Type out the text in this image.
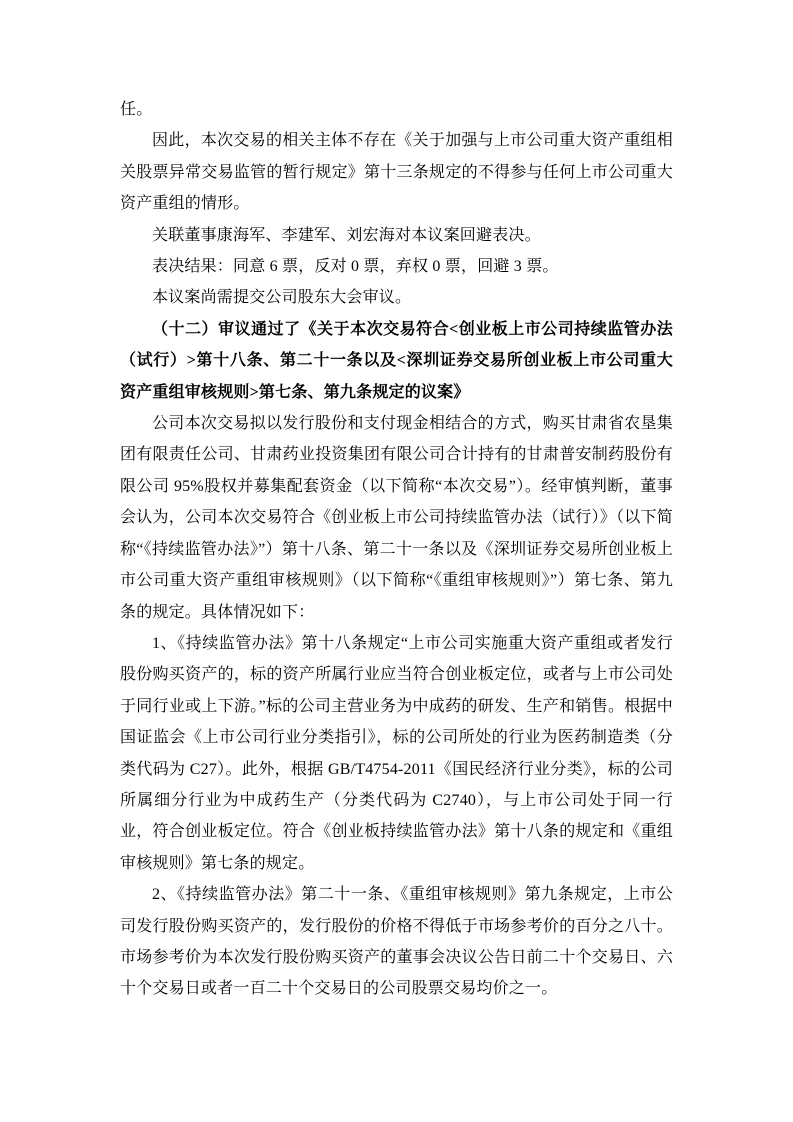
任。

因此，本次交易的相关主体不存在《关于加强与上市公司重大资产重组相关股票异常交易监管的暂行规定》第十三条规定的不得参与任何上市公司重大资产重组的情形。

关联董事康海军、李建军、刘宏海对本议案回避表决。

表决结果：同意 6 票，反对 0 票，弃权 0 票，回避 3 票。

本议案尚需提交公司股东大会审议。

（十二）审议通过了《关于本次交易符合<创业板上市公司持续监管办法（试行）>第十八条、第二十一条以及<深圳证券交易所创业板上市公司重大资产重组审核规则>第七条、第九条规定的议案》

公司本次交易拟以发行股份和支付现金相结合的方式，购买甘肃省农垦集团有限责任公司、甘肃药业投资集团有限公司合计持有的甘肃普安制药股份有限公司 95%股权并募集配套资金（以下简称“本次交易”）。经审慎判断，董事会认为，公司本次交易符合《创业板上市公司持续监管办法（试行）》（以下简称“《持续监管办法》”）第十八条、第二十一条以及《深圳证券交易所创业板上市公司重大资产重组审核规则》（以下简称“《重组审核规则》”）第七条、第九条的规定。具体情况如下：

1、《持续监管办法》第十八条规定“上市公司实施重大资产重组或者发行股份购买资产的，标的资产所属行业应当符合创业板定位，或者与上市公司处于同行业或上下游。”标的公司主营业务为中成药的研发、生产和销售。根据中国证监会《上市公司行业分类指引》，标的公司所处的行业为医药制造类（分类代码为 C27）。此外，根据 GB/T4754-2011《国民经济行业分类》，标的公司所属细分行业为中成药生产（分类代码为 C2740），与上市公司处于同一行业，符合创业板定位。符合《创业板持续监管办法》第十八条的规定和《重组审核规则》第七条的规定。

2、《持续监管办法》第二十一条、《重组审核规则》第九条规定，上市公司发行股份购买资产的，发行股份的价格不得低于市场参考价的百分之八十。市场参考价为本次发行股份购买资产的董事会决议公告日前二十个交易日、六十个交易日或者一百二十个交易日的公司股票交易均价之一。
